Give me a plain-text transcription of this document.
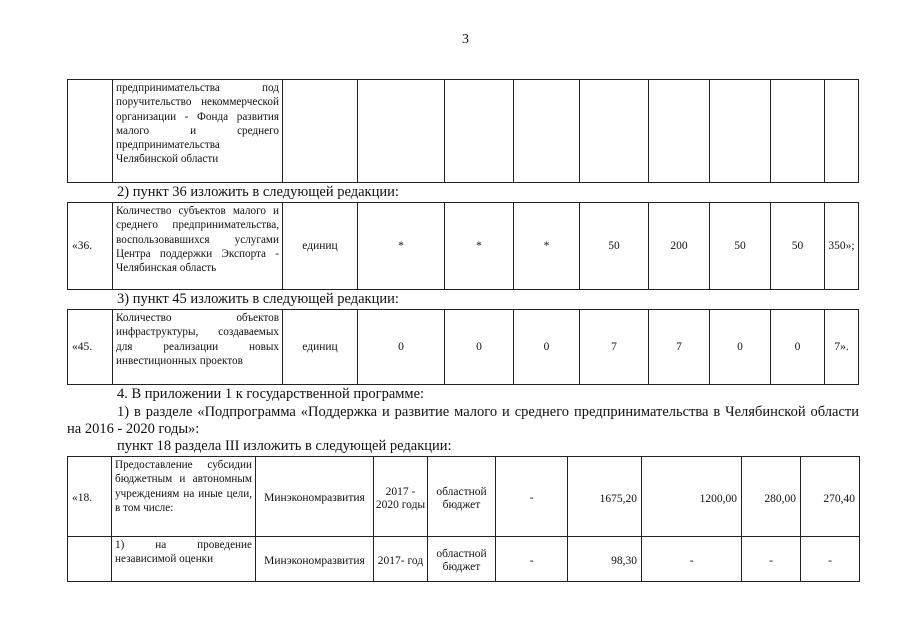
3
	предпринимательства под поручительство некоммерческой организации - Фонда развития малого и среднего предпринимательства Челябинской области									
2) пункт 36 изложить в следующей редакции:
«36.	Количество субъектов малого и среднего предпринимательства, воспользовавшихся услугами Центра поддержки Экспорта - Челябинская область	единиц	*	*	*	50	200	50	50	350»;
3) пункт 45 изложить в следующей редакции:
«45.	Количество объектов инфраструктуры, создаваемых для реализации новых инвестиционных проектов	единиц	0	0	0	7	7	0	0	7».
4. В приложении 1 к государственной программе:
1) в разделе «Подпрограмма «Поддержка и развитие малого и среднего предпринимательства в Челябинской области на 2016 - 2020 годы»:
пункт 18 раздела III изложить в следующей редакции:
«18.	Предоставление субсидии бюджетным и автономным учреждениям на иные цели, в том числе:	Минэкономразвития	2017 - 2020 годы	областной бюджет	-	1675,20	1200,00	280,00	270,40
	1) на проведение независимой оценки	Минэкономразвития	2017- год	областной бюджет	-	98,30	-	-	-
